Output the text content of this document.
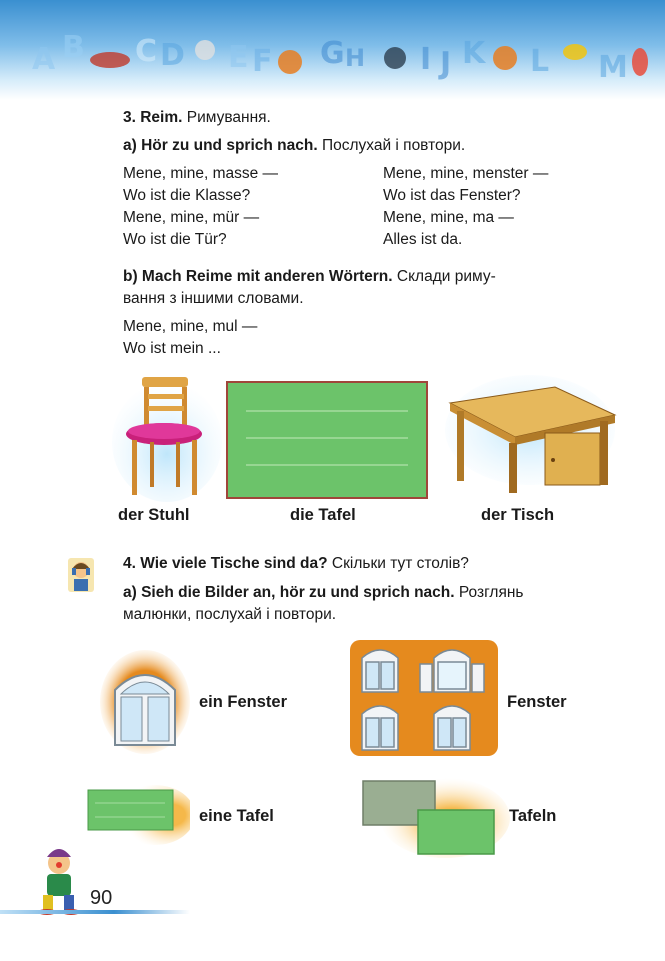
A B C D E F G H I J K L M
3. Reim. Римування.
a) Hör zu und sprich nach. Послухай і повтори.
Mene, mine, masse —
Wo ist die Klasse?
Mene, mine, mür —
Wo ist die Tür?
Mene, mine, menster —
Wo ist das Fenster?
Mene, mine, ma —
Alles ist da.
b) Mach Reime mit anderen Wörtern. Склади риму-
вання з іншими словами.
Mene, mine, mul —
Wo ist mein ...
der Stuhl	die Tafel	der Tisch
4. Wie viele Tische sind da? Скільки тут столів?
a) Sieh die Bilder an, hör zu und sprich nach. Розглянь
малюнки, послухай і повтори.
ein Fenster	Fenster
eine Tafel	Tafeln
90
